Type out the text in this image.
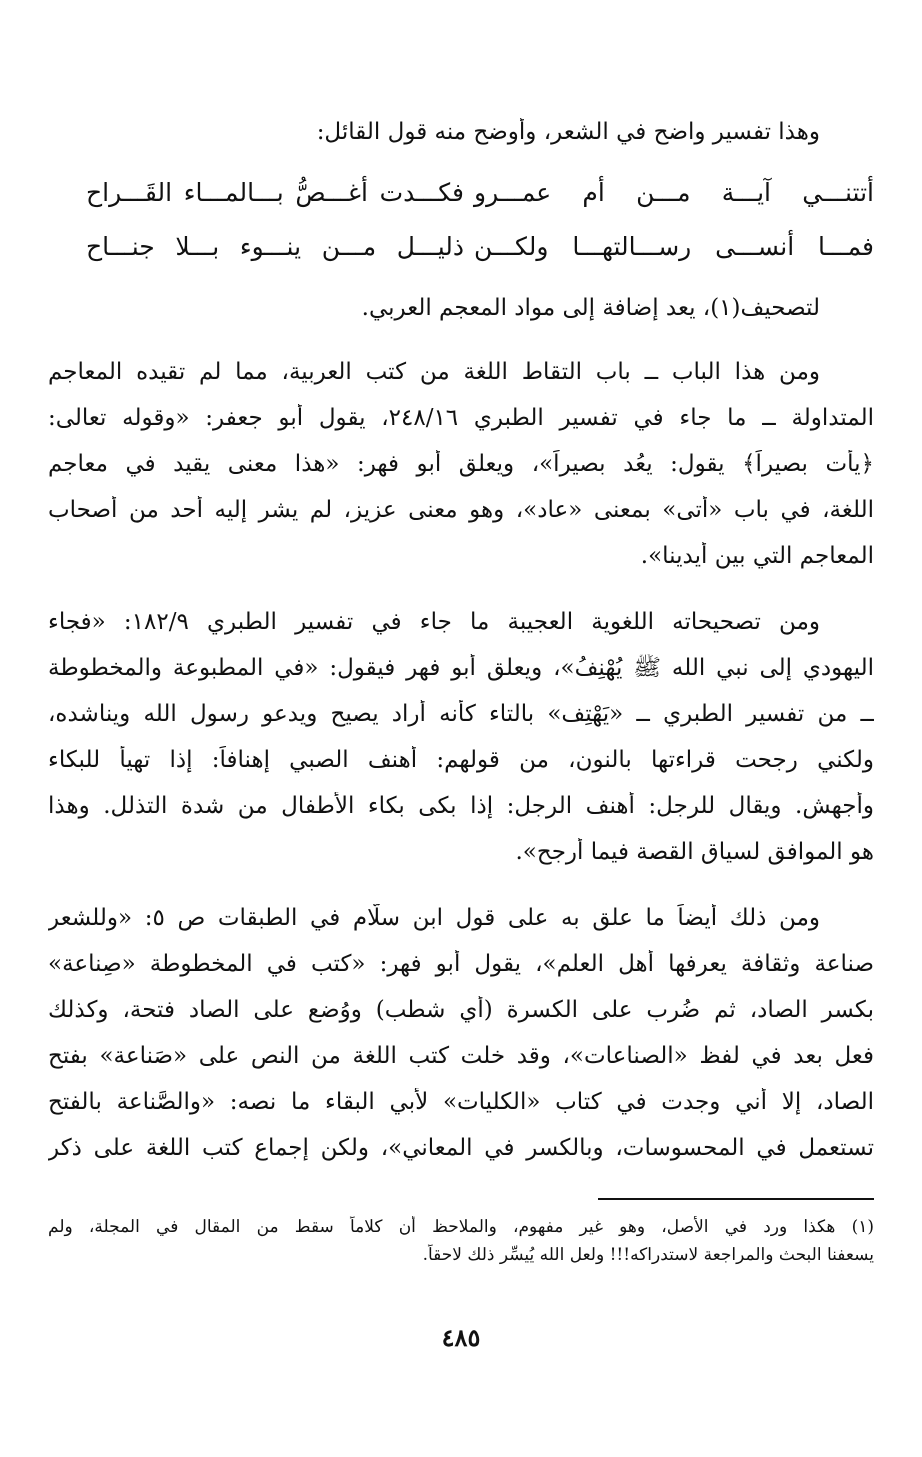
وهذا تفسير واضح في الشعر، وأوضح منه قول القائل:
أتتنـــي آيـــة مـــن أم عمـــرو
فكـــدت أغـــصُّ بـــالمـــاء القَـــراح
فمـــا أنســـى رســـالتهـــا ولكـــن
ذليـــل مـــن ينـــوء بـــلا جنـــاح
لتصحيف(١)، يعد إضافة إلى مواد المعجم العربي.
ومن هذا الباب ــ باب التقاط اللغة من كتب العربية، مما لم تقيده المعاجم
المتداولة ــ ما جاء في تفسير الطبري ٢٤٨/١٦، يقول أبو جعفر: «وقوله تعالى:
﴿يأت بصيراً﴾ يقول: يعُد بصيراً»، ويعلق أبو فهر: «هذا معنى يقيد في معاجم
اللغة، في باب «أتى» بمعنى «عاد»، وهو معنى عزيز، لم يشر إليه أحد من أصحاب
المعاجم التي بين أيدينا».
ومن تصحيحاته اللغوية العجيبة ما جاء في تفسير الطبري ١٨٢/٩: «فجاء
اليهودي إلى نبي الله ﷺ يُهْنِفُ»، ويعلق أبو فهر فيقول: «في المطبوعة والمخطوطة
ــ من تفسير الطبري ــ «يَهْتِف» بالتاء كأنه أراد يصيح ويدعو رسول الله ويناشده،
ولكني رجحت قراءتها بالنون، من قولهم: أهنف الصبي إهنافاً: إذا تهيأ للبكاء
وأجهش. ويقال للرجل: أهنف الرجل: إذا بكى بكاء الأطفال من شدة التذلل. وهذا
هو الموافق لسياق القصة فيما أرجح».
ومن ذلك أيضاً ما علق به على قول ابن سلّام في الطبقات ص ٥: «وللشعر
صناعة وثقافة يعرفها أهل العلم»، يقول أبو فهر: «كتب في المخطوطة «صِناعة»
بكسر الصاد، ثم ضُرب على الكسرة (أي شطب) ووُضع على الصاد فتحة، وكذلك
فعل بعد في لفظ «الصناعات»، وقد خلت كتب اللغة من النص على «صَناعة» بفتح
الصاد، إلا أني وجدت في كتاب «الكليات» لأبي البقاء ما نصه: «والصَّناعة بالفتح
تستعمل في المحسوسات، وبالكسر في المعاني»، ولكن إجماع كتب اللغة على ذكر
(١) هكذا ورد في الأصل، وهو غير مفهوم، والملاحظ أن كلاماً سقط من المقال في المجلة، ولم
يسعفنا البحث والمراجعة لاستدراكه!!! ولعل الله يُيسِّر ذلك لاحقاً.
٤٨٥
